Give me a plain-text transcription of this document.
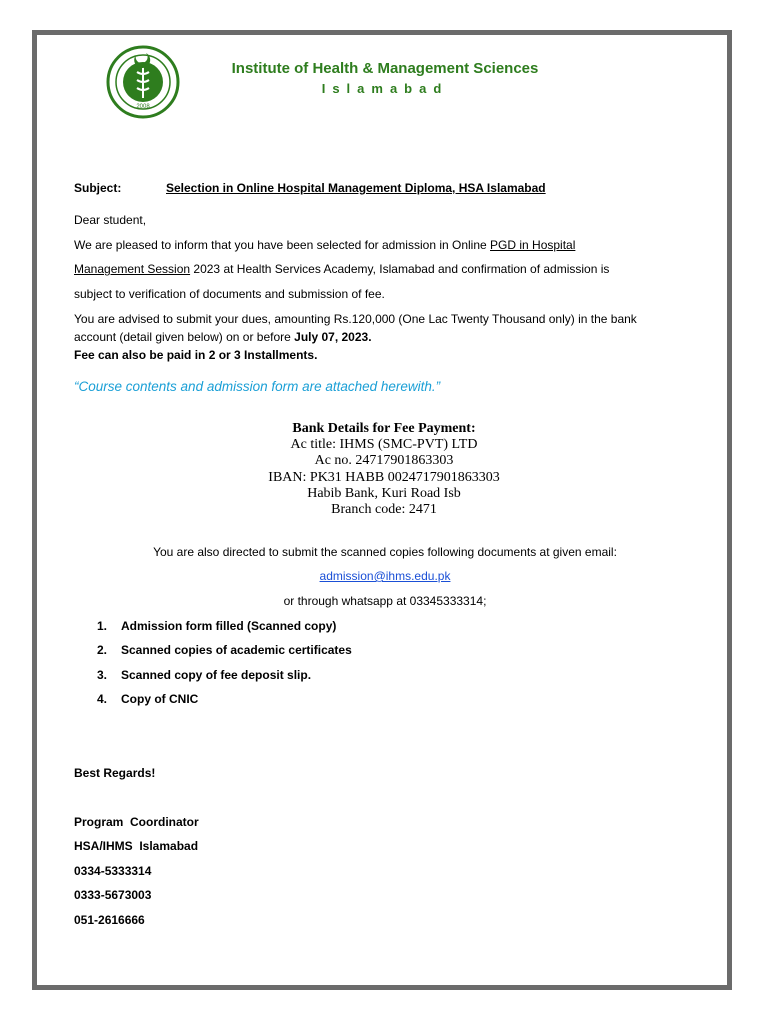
2008
Institute of Health & Management Sciences
Islamabad
Subject:	Selection in Online Hospital Management Diploma, HSA Islamabad
Dear student,
We are pleased to inform that you have been selected for admission in Online PGD in Hospital
Management Session 2023 at Health Services Academy, Islamabad and confirmation of admission is
subject to verification of documents and submission of fee.
You are advised to submit your dues, amounting Rs.120,000 (One Lac Twenty Thousand only) in the bank
account (detail given below) on or before July 07, 2023.
Fee can also be paid in 2 or 3 Installments.
“Course contents and admission form are attached herewith.”
Bank Details for Fee Payment:
Ac title: IHMS (SMC-PVT) LTD
Ac no. 24717901863303
IBAN: PK31 HABB 0024717901863303
Habib Bank, Kuri Road Isb
Branch code: 2471
You are also directed to submit the scanned copies following documents at given email:
admission@ihms.edu.pk
or through whatsapp at 03345333314;
1. Admission form filled (Scanned copy)
2. Scanned copies of academic certificates
3. Scanned copy of fee deposit slip.
4. Copy of CNIC
Best Regards!
Program  Coordinator
HSA/IHMS  Islamabad
0334-5333314
0333-5673003
051-2616666
